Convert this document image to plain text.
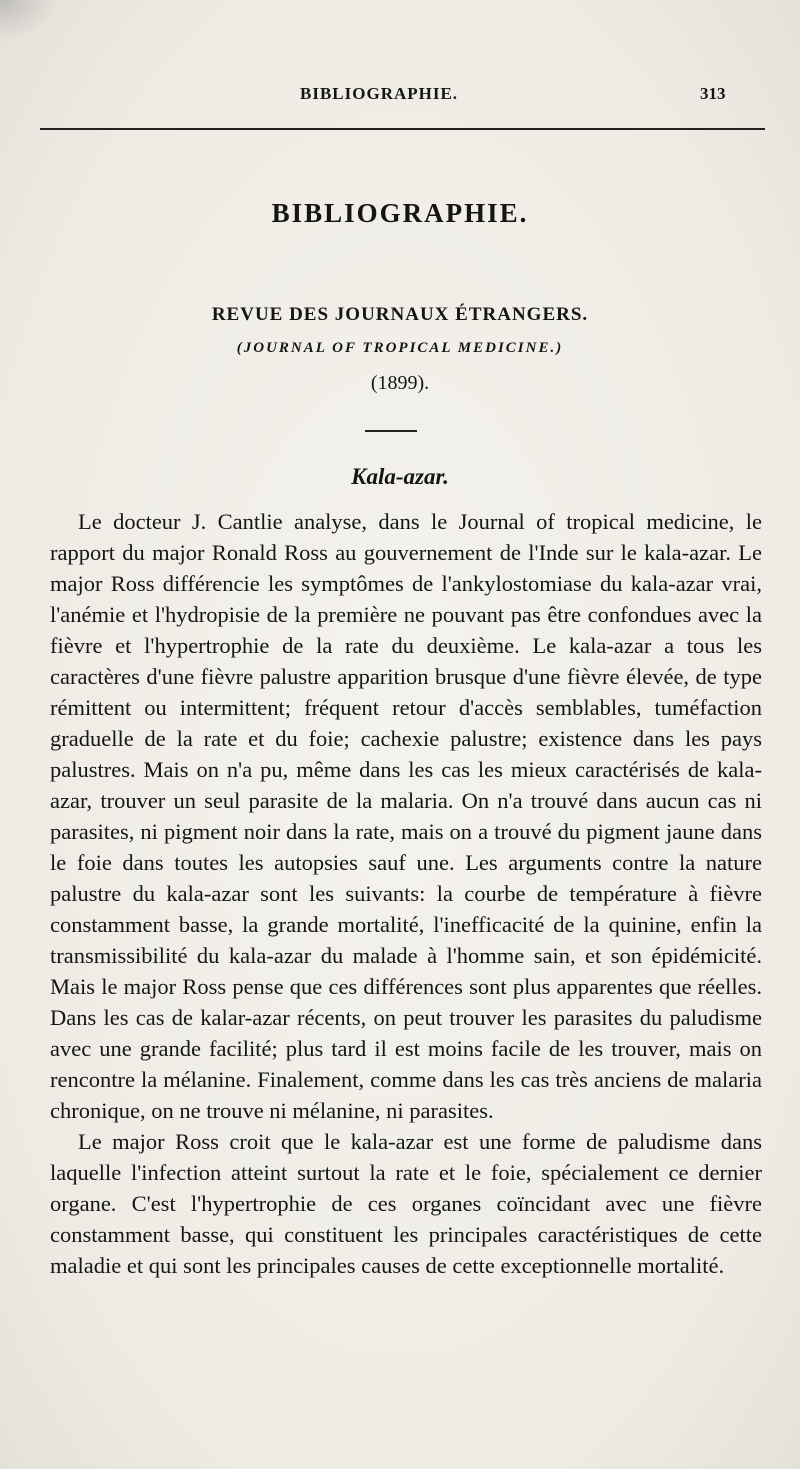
BIBLIOGRAPHIE.	313
BIBLIOGRAPHIE.
REVUE DES JOURNAUX ÉTRANGERS.
(JOURNAL OF TROPICAL MEDICINE.)
(1899).
Kala-azar.

Le docteur J. Cantlie analyse, dans le Journal of tropical medicine, le rapport du major Ronald Ross au gouvernement de l'Inde sur le kala-azar. Le major Ross différencie les symptômes de l'ankylostomiase du kala-azar vrai, l'anémie et l'hydropisie de la première ne pouvant pas être confondues avec la fièvre et l'hypertrophie de la rate du deuxième. Le kala-azar a tous les caractères d'une fièvre palustre apparition brusque d'une fièvre élevée, de type rémittent ou intermittent; fréquent retour d'accès semblables, tuméfaction graduelle de la rate et du foie; cachexie palustre; existence dans les pays palustres. Mais on n'a pu, même dans les cas les mieux caractérisés de kala-azar, trouver un seul parasite de la malaria. On n'a trouvé dans aucun cas ni parasites, ni pigment noir dans la rate, mais on a trouvé du pigment jaune dans le foie dans toutes les autopsies sauf une. Les arguments contre la nature palustre du kala-azar sont les suivants: la courbe de température à fièvre constamment basse, la grande mortalité, l'inefficacité de la quinine, enfin la transmissibilité du kala-azar du malade à l'homme sain, et son épidémicité. Mais le major Ross pense que ces différences sont plus apparentes que réelles. Dans les cas de kalar-azar récents, on peut trouver les parasites du paludisme avec une grande facilité; plus tard il est moins facile de les trouver, mais on rencontre la mélanine. Finalement, comme dans les cas très anciens de malaria chronique, on ne trouve ni mélanine, ni parasites.

Le major Ross croit que le kala-azar est une forme de paludisme dans laquelle l'infection atteint surtout la rate et le foie, spécialement ce dernier organe. C'est l'hypertrophie de ces organes coïncidant avec une fièvre constamment basse, qui constituent les principales caractéristiques de cette maladie et qui sont les principales causes de cette exceptionnelle mortalité.
